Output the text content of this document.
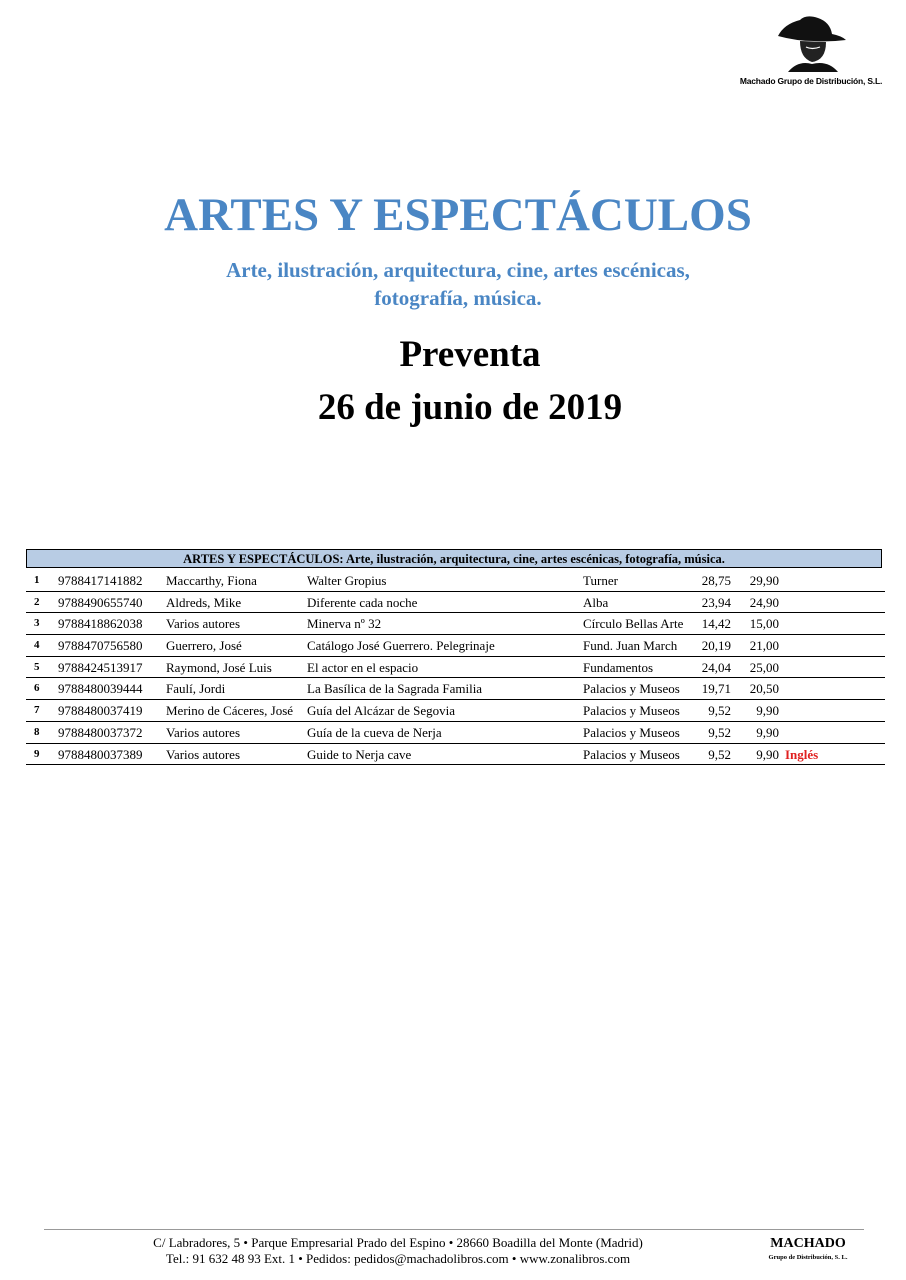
Machado Grupo de Distribución, S.L.
ARTES Y ESPECTÁCULOS
Arte, ilustración, arquitectura, cine, artes escénicas,
fotografía, música.
Preventa
26 de junio de 2019
ARTES Y ESPECTÁCULOS: Arte, ilustración, arquitectura, cine, artes escénicas, fotografía, música.
1 9788417141882 Maccarthy, Fiona	Walter Gropius	Turner	28,75	29,90
2 9788490655740 Aldreds, Mike	Diferente cada noche	Alba	23,94	24,90
3 9788418862038 Varios autores	Minerva nº 32	Círculo Bellas Arte	14,42	15,00
4 9788470756580 Guerrero, José	Catálogo José Guerrero. Pelegrinaje	Fund. Juan March	20,19	21,00
5 9788424513917 Raymond, José Luis	El actor en el espacio	Fundamentos	24,04	25,00
6 9788480039444 Faulí, Jordi	La Basílica de la Sagrada Familia	Palacios y Museos	19,71	20,50
7 9788480037419 Merino de Cáceres, José	Guía del Alcázar de Segovia	Palacios y Museos	9,52	9,90
8 9788480037372 Varios autores	Guía de la cueva de Nerja	Palacios y Museos	9,52	9,90
9 9788480037389 Varios autores	Guide to Nerja cave	Palacios y Museos	9,52	9,90 Inglés
C/ Labradores, 5 • Parque Empresarial Prado del Espino • 28660 Boadilla del Monte (Madrid)
Tel.: 91 632 48 93 Ext. 1 • Pedidos: pedidos@machadolibros.com • www.zonalibros.com
MACHADO
Grupo de Distribución, S. L.
